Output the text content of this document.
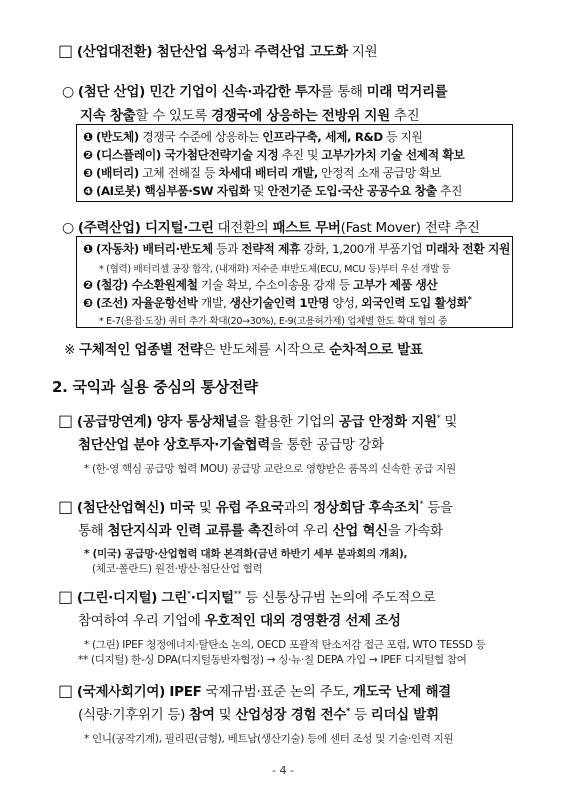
□ (산업대전환) 첨단산업 육성과 주력산업 고도화 지원
○ (첨단 산업) 민간 기업이 신속·과감한 투자를 통해 미래 먹거리를
지속 창출할 수 있도록 경쟁국에 상응하는 전방위 지원 추진
❶ (반도체) 경쟁국 수준에 상응하는 인프라구축, 세제, R&D 등 지원
❷ (디스플레이) 국가첨단전략기술 지정 추진 및 고부가가치 기술 선제적 확보
❸ (배터리) 고체 전해질 등 차세대 배터리 개발, 안정적 소재 공급망 확보
❹ (AI로봇) 핵심부품·SW 자립화 및 안전기준 도입·국산 공공수요 창출 추진
○ (주력산업) 디지털·그린 대전환의 패스트 무버(Fast Mover) 전략 추진
❶ (자동차) 배터리·반도체 등과 전략적 제휴 강화, 1,200개 부품기업 미래차 전환 지원
* (협력) 배터리셀 공장 합작, (내재화) 저수준 車반도체(ECU, MCU 등)부터 우선 개발 등
❷ (철강) 수소환원제철 기술 확보, 수소이송용 강재 등 고부가 제품 생산
❸ (조선) 자율운항선박 개발, 생산기술인력 1만명 양성, 외국인력 도입 활성화*
* E-7(용접·도장) 쿼터 추가 확대(20→30%), E-9(고용허가제) 업체별 한도 확대 협의 중
※ 구체적인 업종별 전략은 반도체를 시작으로 순차적으로 발표
2. 국익과 실용 중심의 통상전략
□ (공급망연계) 양자 통상채널을 활용한 기업의 공급 안정화 지원* 및
첨단산업 분야 상호투자·기술협력을 통한 공급망 강화
* (한-영 핵심 공급망 협력 MOU) 공급망 교란으로 영향받은 품목의 신속한 공급 지원
□ (첨단산업혁신) 미국 및 유럽 주요국과의 정상회담 후속조치* 등을
통해 첨단지식과 인력 교류를 촉진하여 우리 산업 혁신을 가속화
* (미국) 공급망·산업협력 대화 본격화(금년 하반기 세부 분과회의 개최),
(체코·폴란드) 원전·방산·첨단산업 협력
□ (그린·디지털) 그린*·디지털** 등 신통상규범 논의에 주도적으로
참여하여 우리 기업에 우호적인 대외 경영환경 선제 조성
* (그린) IPEF 청정에너지·탈탄소 논의, OECD 포괄적 탄소저감 접근 포럼, WTO TESSD 등
** (디지털) 한-싱 DPA(디지털동반자협정) → 싱·뉴·칠 DEPA 가입 → IPEF 디지털협 참여
□ (국제사회기여) IPEF 국제규범·표준 논의 주도, 개도국 난제 해결
(식량·기후위기 등) 참여 및 산업성장 경험 전수* 등 리더십 발휘
* 인니(공작기계), 필리핀(금형), 베트남(생산기술) 등에 센터 조성 및 기술·인력 지원
- 4 -
